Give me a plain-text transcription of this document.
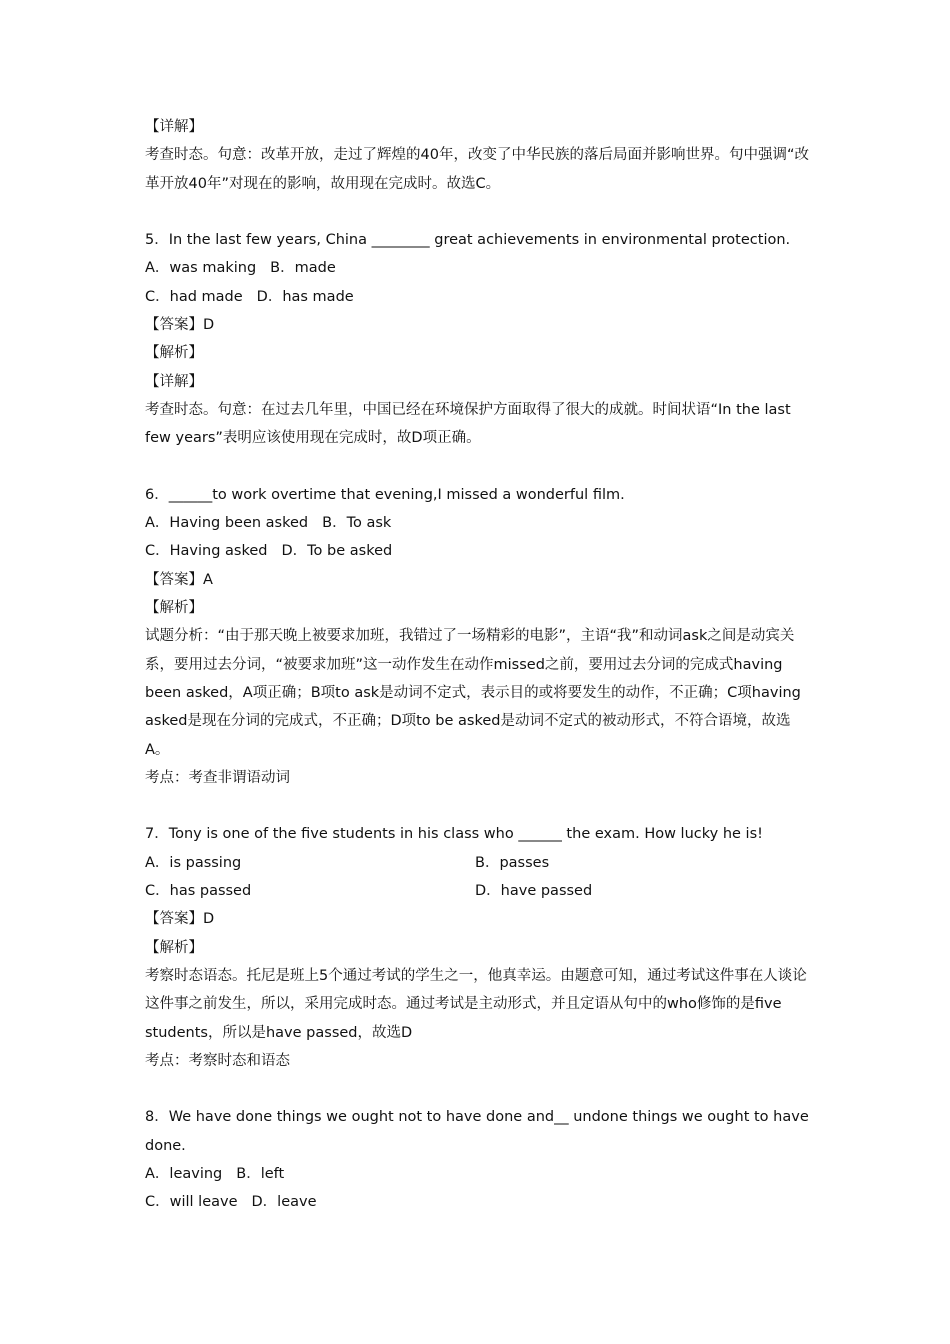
【详解】
考查时态。句意：改革开放，走过了辉煌的40年，改变了中华民族的落后局面并影响世界。句中强调“改革开放40年”对现在的影响，故用现在完成时。故选C。
5．In the last few years, China ________ great achievements in environmental protection.
A．was making B．made
C．had made D．has made
【答案】D
【解析】
【详解】
考查时态。句意：在过去几年里，中国已经在环境保护方面取得了很大的成就。时间状语“In the last few years”表明应该使用现在完成时，故D项正确。
6．______to work overtime that evening,I missed a wonderful film.
A．Having been asked B．To ask
C．Having asked D．To be asked
【答案】A
【解析】
试题分析：“由于那天晚上被要求加班，我错过了一场精彩的电影”，主语“我”和动词ask之间是动宾关系，要用过去分词，“被要求加班”这一动作发生在动作missed之前，要用过去分词的完成式having been asked，A项正确；B项to ask是动词不定式，表示目的或将要发生的动作，不正确；C项having asked是现在分词的完成式，不正确；D项to be asked是动词不定式的被动形式，不符合语境，故选A。
考点：考查非谓语动词
7．Tony is one of the five students in his class who ______ the exam. How lucky he is!
A．is passing	B．passes
C．has passed	D．have passed
【答案】D
【解析】
考察时态语态。托尼是班上5个通过考试的学生之一，他真幸运。由题意可知，通过考试这件事在人谈论这件事之前发生，所以，采用完成时态。通过考试是主动形式，并且定语从句中的who修饰的是five students，所以是have passed，故选D
考点：考察时态和语态
8．We have done things we ought not to have done and__ undone things we ought to have done.
A．leaving B．left
C．will leave D．leave
